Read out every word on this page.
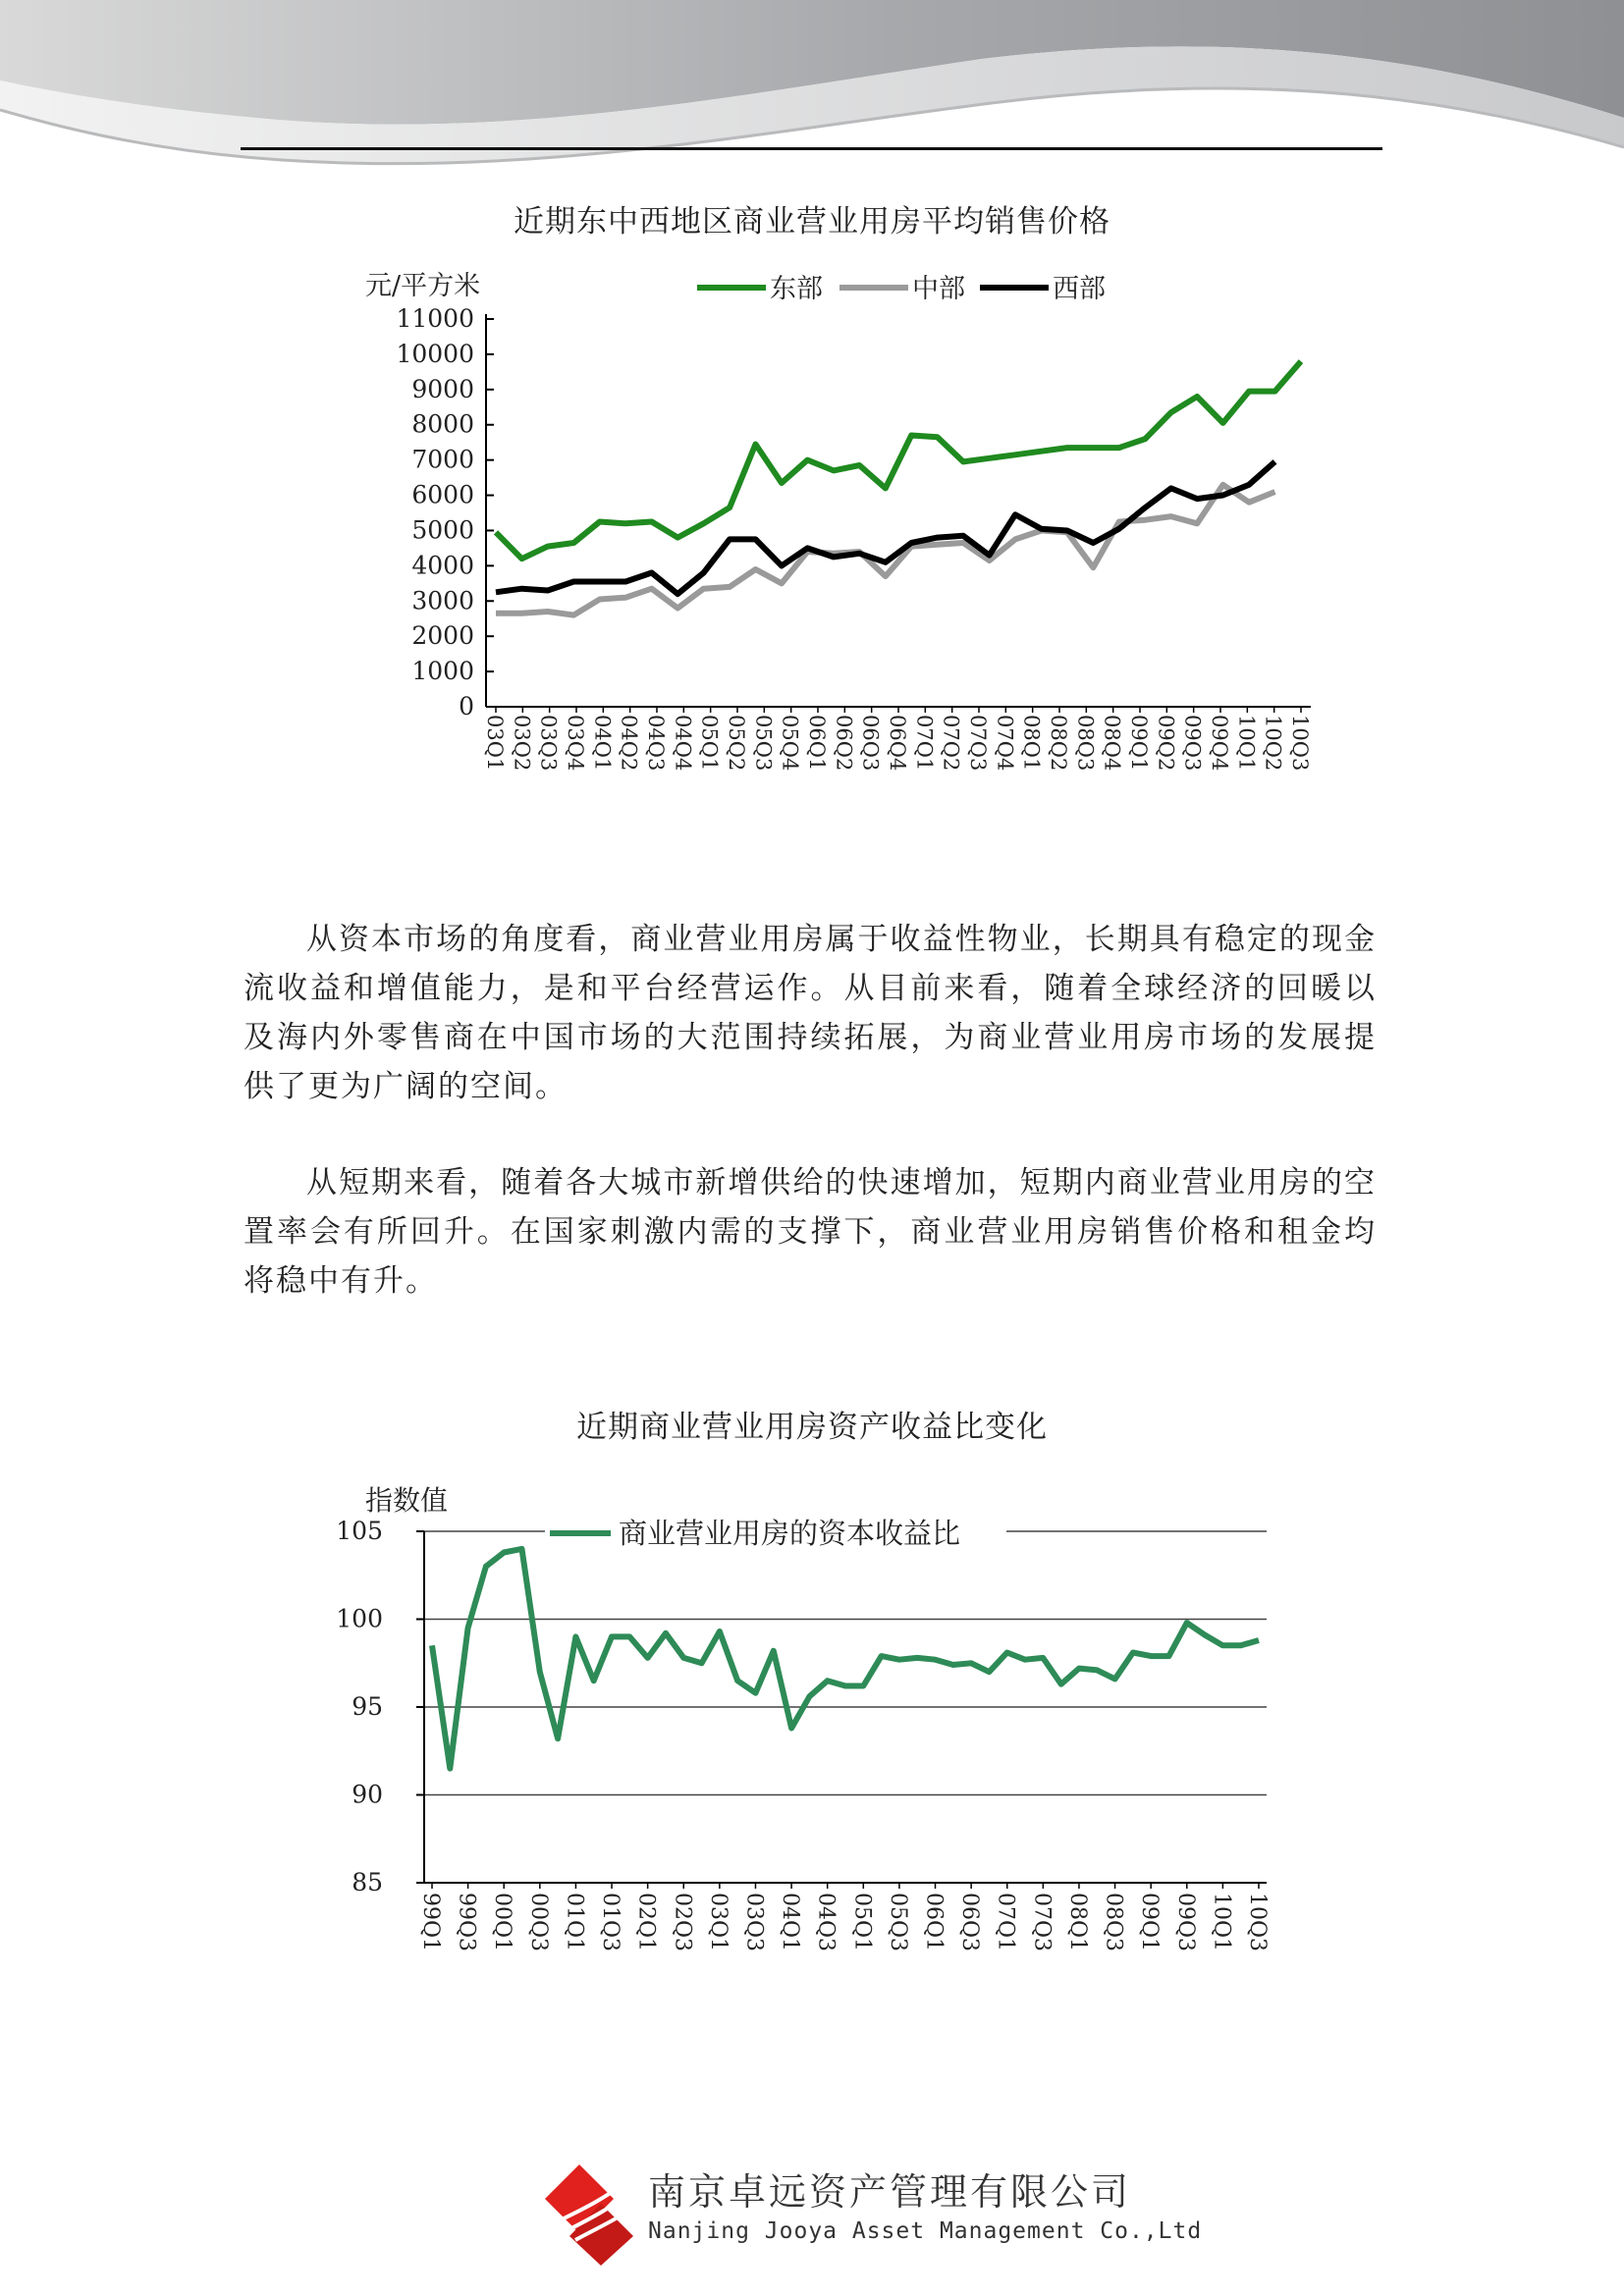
近期东中西地区商业营业用房平均销售价格
元/平方米
0
1000
2000
3000
4000
5000
6000
7000
8000
9000
10000
11000
03Q1 03Q2 03Q3 03Q4 04Q1 04Q2 04Q3 04Q4 05Q1 05Q2 05Q3 05Q4 06Q1 06Q2 06Q3 06Q4 07Q1 07Q2 07Q3 07Q4 08Q1 08Q2 08Q3 08Q4 09Q1 09Q2 09Q3 09Q4 10Q1 10Q2 10Q3
东部	中部	西部

从资本市场的角度看，商业营业用房属于收益性物业，长期具有稳定的现金流收益和增值能力，是和平台经营运作。从目前来看，随着全球经济的回暖以及海内外零售商在中国市场的大范围持续拓展，为商业营业用房市场的发展提供了更为广阔的空间。

从短期来看，随着各大城市新增供给的快速增加，短期内商业营业用房的空置率会有所回升。在国家刺激内需的支撑下，商业营业用房销售价格和租金均将稳中有升。

近期商业营业用房资产收益比变化
指数值
85
90
95
100
105
99Q1 99Q3 00Q1 00Q3 01Q1 01Q3 02Q1 02Q3 03Q1 03Q3 04Q1 04Q3 05Q1 05Q3 06Q1 06Q3 07Q1 07Q3 08Q1 08Q3 09Q1 09Q3 10Q1 10Q3
商业营业用房的资本收益比
南京卓远资产管理有限公司
Nanjing Jooya Asset Management Co.,Ltd
